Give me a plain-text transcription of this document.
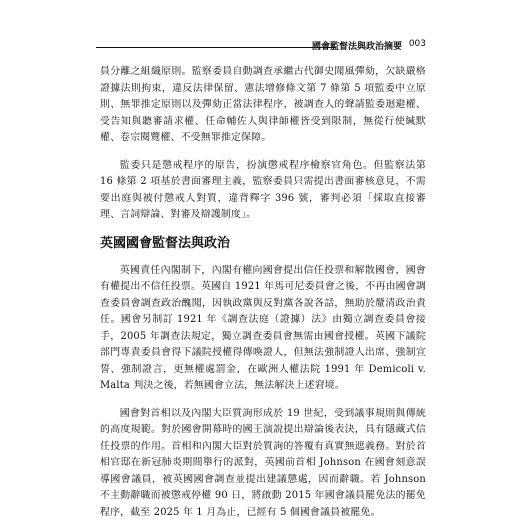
國會監督法與政治摘要 003

員分離之組織原則。監察委員自動調查承繼古代御史聞風彈劾，欠缺嚴格證據法則拘束，違反法律保留、憲法增修條文第 7 條第 5 項監委中立原則、無罪推定原則以及彈劾正當法律程序，被調查人的聲請監委迴避權、受告知與聽審請求權、任命輔佐人與律師權皆受到限制，無從行使緘默權、卷宗閱覽權、不受無罪推定保障。

監委只是懲戒程序的原告，扮演懲戒程序檢察官角色。但監察法第 16 條第 2 項基於書面審理主義，監察委員只需提出書面審核意見，不需要出庭與被付懲戒人對質，違背釋字 396 號，審判必須「採取直接審理、言詞辯論、對審及辯護制度」。

英國國會監督法與政治

英國責任內閣制下，內閣有權向國會提出信任投票和解散國會，國會有權提出不信任投票。英國自 1921 年馬可尼委員會之後，不再由國會調查委員會調查政治醜聞，因執政黨與反對黨各說各話，無助於釐清政治責任。國會另制訂 1921 年《調查法庭（證據）法》由獨立調查委員會接手，2005 年調查法規定，獨立調查委員會無需由國會授權。英國下議院部門專責委員會得下議院授權得傳喚證人，但無法強制證人出席、強制宣誓、強制證言，更無權處罰金，在歐洲人權法院 1991 年 Demicoli v. Malta 判決之後，若無國會立法，無法解決上述窘境。

國會對首相以及內閣大臣質詢形成於 19 世紀，受到議事規則與傳統的高度規範。對於國會開幕時的國王演說提出辯論後表決，具有隱藏式信任投票的作用。首相和內閣大臣對於質詢的答覆有真實無遮義務。對於首相官邸在新冠肺炎期間舉行的派對，英國前首相 Johnson 在國會刻意誤導國會議員，被英國國會調查並提出建議懲處，因而辭職。若 Johnson 不主動辭職而被懲戒停權 90 日，將啟動 2015 年國會議員罷免法的罷免程序，截至 2025 年 1 月為止，已經有 5 個國會議員被罷免。
